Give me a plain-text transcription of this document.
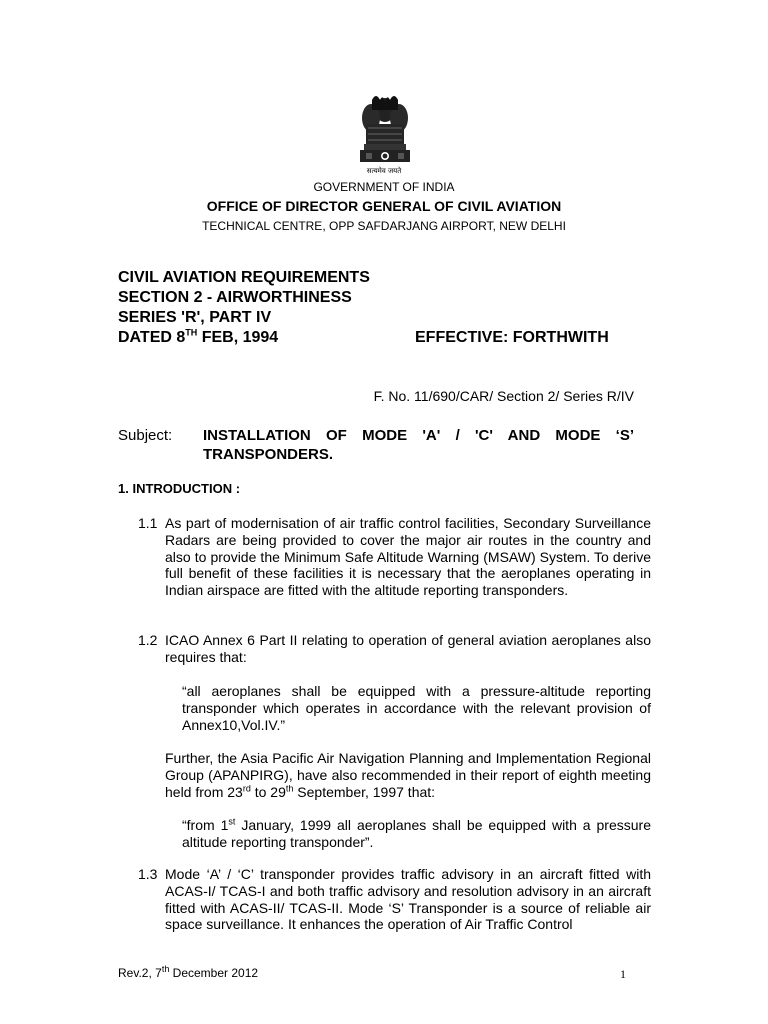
सत्यमेव जयते
GOVERNMENT OF INDIA
OFFICE OF DIRECTOR GENERAL OF CIVIL AVIATION
TECHNICAL CENTRE, OPP SAFDARJANG AIRPORT, NEW DELHI
CIVIL AVIATION REQUIREMENTS
SECTION 2 - AIRWORTHINESS
SERIES 'R', PART IV
DATED 8TH FEB, 1994	EFFECTIVE: FORTHWITH
F. No. 11/690/CAR/ Section 2/ Series R/IV
Subject: INSTALLATION OF MODE 'A' / 'C' AND MODE ‘S’ TRANSPONDERS.
1. INTRODUCTION :
1.1 As part of modernisation of air traffic control facilities, Secondary Surveillance Radars are being provided to cover the major air routes in the country and also to provide the Minimum Safe Altitude Warning (MSAW) System. To derive full benefit of these facilities it is necessary that the aeroplanes operating in Indian airspace are fitted with the altitude reporting transponders.
1.2 ICAO Annex 6 Part II relating to operation of general aviation aeroplanes also requires that:
“all aeroplanes shall be equipped with a pressure-altitude reporting transponder which operates in accordance with the relevant provision of Annex10,Vol.IV.”
Further, the Asia Pacific Air Navigation Planning and Implementation Regional Group (APANPIRG), have also recommended in their report of eighth meeting held from 23rd to 29th September, 1997 that:
“from 1st January, 1999 all aeroplanes shall be equipped with a pressure altitude reporting transponder”.
1.3 Mode ‘A’ / ‘C’ transponder provides traffic advisory in an aircraft fitted with ACAS-I/ TCAS-I and both traffic advisory and resolution advisory in an aircraft fitted with ACAS-II/ TCAS-II. Mode ‘S’ Transponder is a source of reliable air space surveillance. It enhances the operation of Air Traffic Control
Rev.2, 7th December 2012	1
